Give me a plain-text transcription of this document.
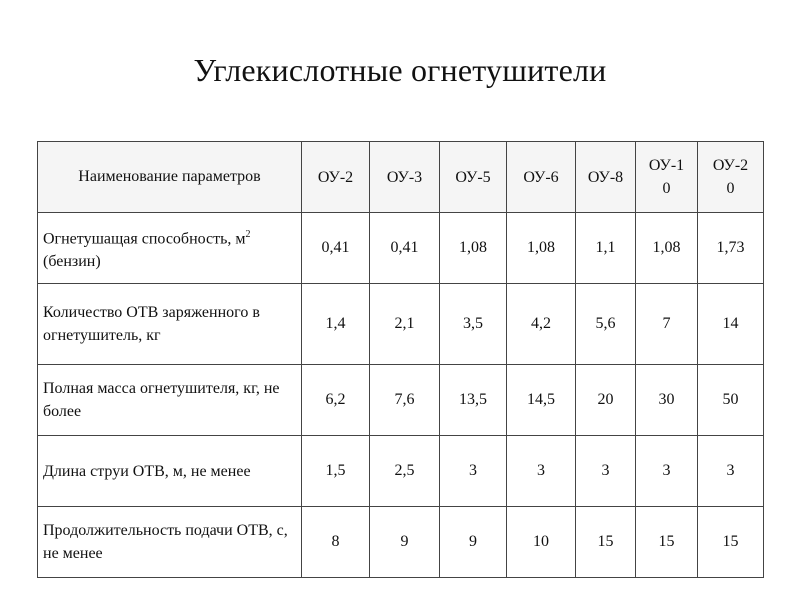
Углекислотные огнетушители
Наименование параметров	ОУ-2	ОУ-3	ОУ-5	ОУ-6	ОУ-8	ОУ-10	ОУ-20
Огнетушащая способность, $м^2$ (бензин)	0,41	0,41	1,08	1,08	1,1	1,08	1,73
Количество ОТВ заряженного в огнетушитель, кг	1,4	2,1	3,5	4,2	5,6	7	14
Полная масса огнетушителя, кг, не более	6,2	7,6	13,5	14,5	20	30	50
Длина струи ОТВ, м, не менее	1,5	2,5	3	3	3	3	3
Продолжительность подачи ОТВ, с, не менее	8	9	9	10	15	15	15
